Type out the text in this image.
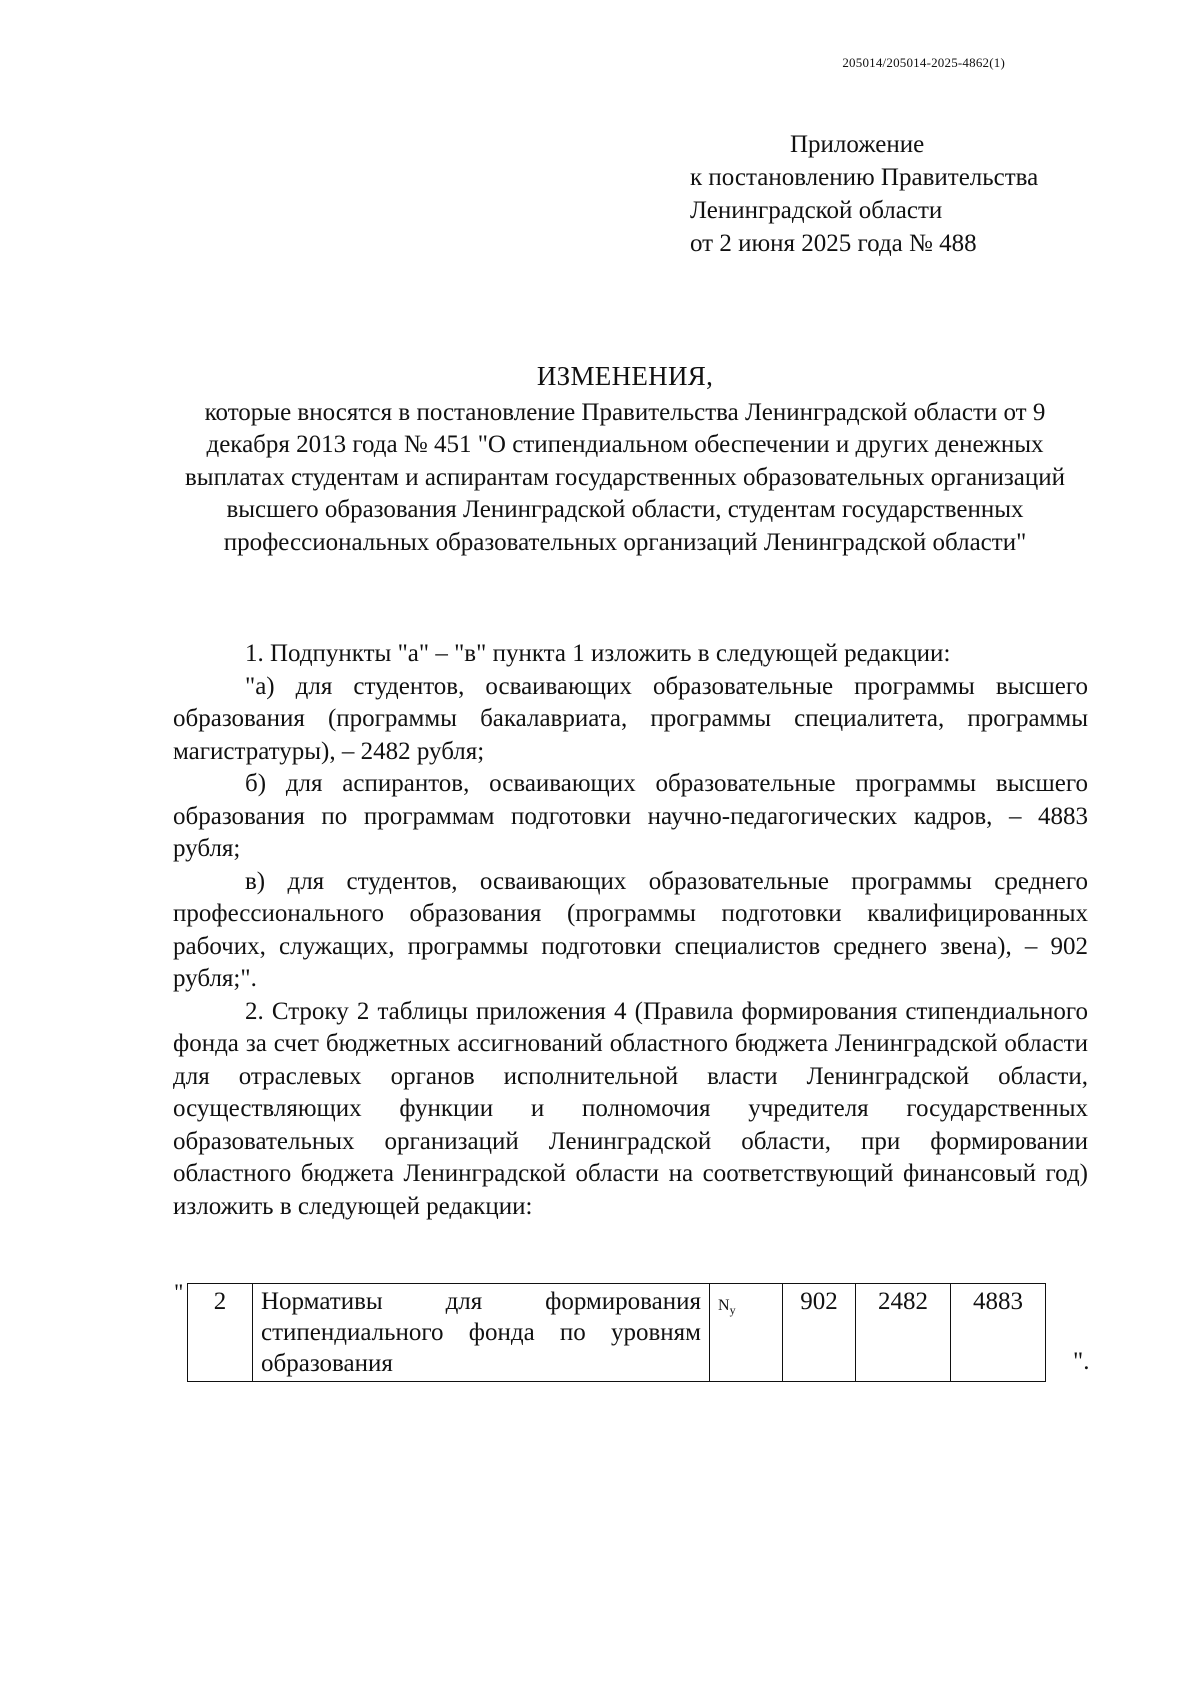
205014/205014-2025-4862(1)
Приложение
к постановлению Правительства
Ленинградской области
от 2 июня 2025 года № 488
ИЗМЕНЕНИЯ,
которые вносятся в постановление Правительства Ленинградской области от 9 декабря 2013 года № 451 "О стипендиальном обеспечении и других денежных выплатах студентам и аспирантам государственных образовательных организаций высшего образования Ленинградской области, студентам государственных профессиональных образовательных организаций Ленинградской области"

1. Подпункты "а" – "в" пункта 1 изложить в следующей редакции:

"а) для студентов, осваивающих образовательные программы высшего образования (программы бакалавриата, программы специалитета, программы магистратуры), – 2482 рубля;

б) для аспирантов, осваивающих образовательные программы высшего образования по программам подготовки научно-педагогических кадров, – 4883 рубля;

в) для студентов, осваивающих образовательные программы среднего профессионального образования (программы подготовки квалифицированных рабочих, служащих, программы подготовки специалистов среднего звена), – 902 рубля;".

2. Строку 2 таблицы приложения 4 (Правила формирования стипендиального фонда за счет бюджетных ассигнований областного бюджета Ленинградской области для отраслевых органов исполнительной власти Ленинградской области, осуществляющих функции и полномочия учредителя государственных образовательных организаций Ленинградской области, при формировании областного бюджета Ленинградской области на соответствующий финансовый год) изложить в следующей редакции:

" 2	Нормативы для формирования стипендиального фонда по уровням образования	$N_у$	902	2482	4883
".
